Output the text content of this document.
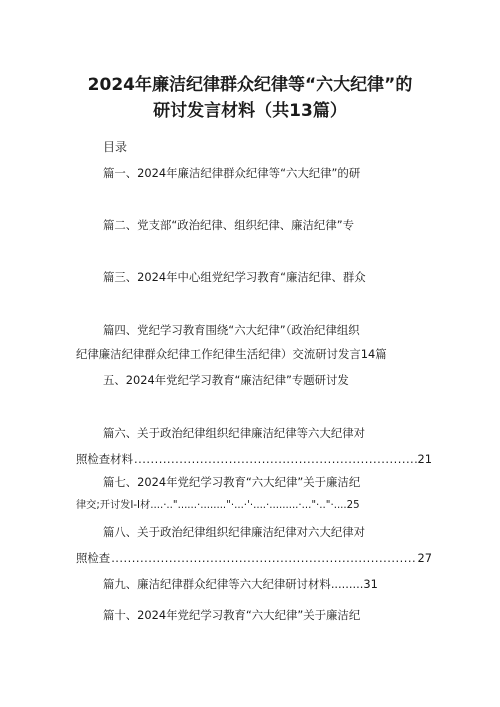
2024年廉洁纪律群众纪律等“六大纪律”的
研讨发言材料（共13篇）
目录
篇一、2024年廉洁纪律群众纪律等“六大纪律”的研
篇二、党支部“政治纪律、组织纪律、廉洁纪律”专
篇三、2024年中心组党纪学习教育“廉洁纪律、群众
篇四、党纪学习教育围绕“六大纪律”（政治纪律组织
纪律廉洁纪律群众纪律工作纪律生活纪律）交流研讨发言14篇
五、2024年党纪学习教育“廉洁纪律”专题研讨发
篇六、关于政治纪律组织纪律廉洁纪律等六大纪律对
照检查材料 .....	21
篇七、2024年党纪学习教育“六大纪律”关于廉洁纪
律交;开讨发I-I材....·.."......·........"·...·'·....·.........·..."·.."·....25
篇八、关于政治纪律组织纪律廉洁纪律对六大纪律对
照检查 .....	27
篇九、廉洁纪律群众纪律等六大纪律研讨材料.........31
篇十、2024年党纪学习教育“六大纪律”关于廉洁纪
